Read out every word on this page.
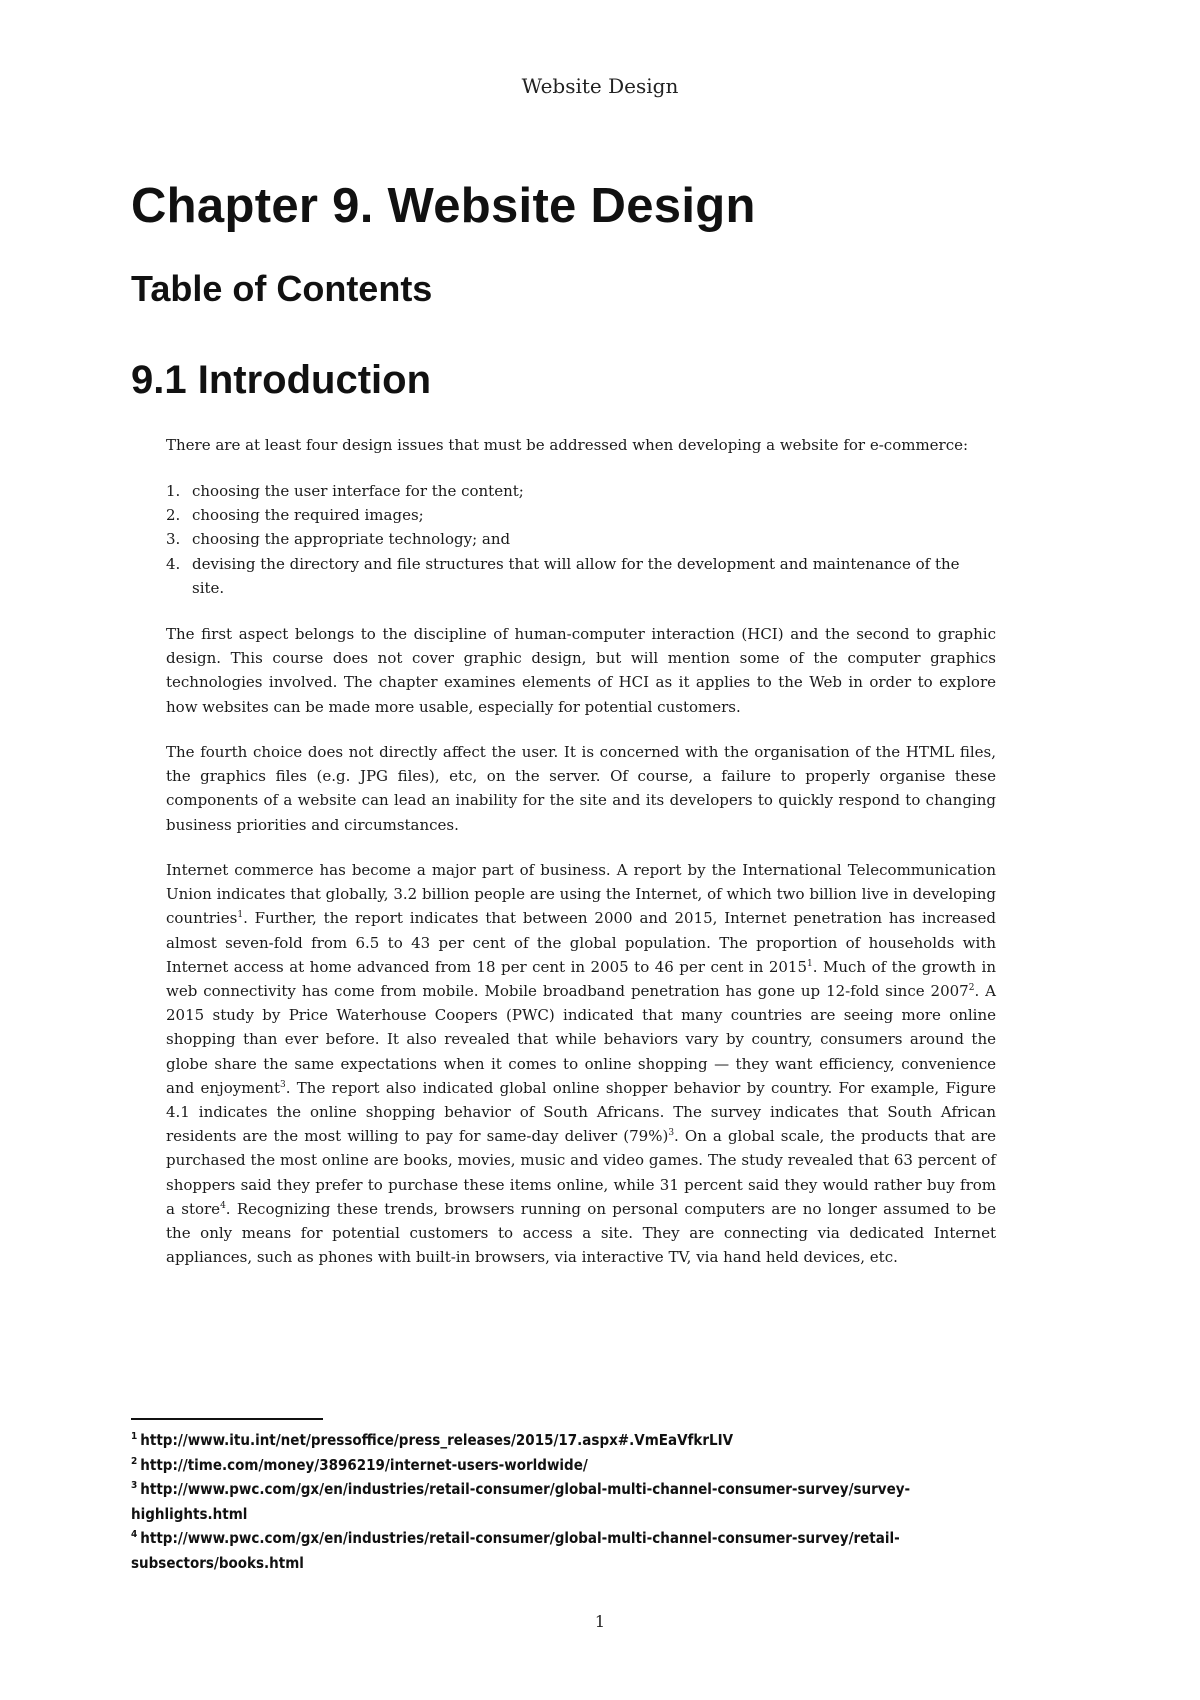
Website Design
Chapter 9. Website Design
Table of Contents
9.1 Introduction

There are at least four design issues that must be addressed when developing a website for e-commerce:

1. choosing the user interface for the content;
2. choosing the required images;
3. choosing the appropriate technology; and
4. devising the directory and file structures that will allow for the development and maintenance of the site.

The first aspect belongs to the discipline of human-computer interaction (HCI) and the second to graphic design. This course does not cover graphic design, but will mention some of the computer graphics technologies involved. The chapter examines elements of HCI as it applies to the Web in order to explore how websites can be made more usable, especially for potential customers.

The fourth choice does not directly affect the user. It is concerned with the organisation of the HTML files, the graphics files (e.g. JPG files), etc, on the server. Of course, a failure to properly organise these components of a website can lead an inability for the site and its developers to quickly respond to changing business priorities and circumstances.

Internet commerce has become a major part of business. A report by the International Telecommunication Union indicates that globally, 3.2 billion people are using the Internet, of which two billion live in developing countries$^1$. Further, the report indicates that between 2000 and 2015, Internet penetration has increased almost seven-fold from 6.5 to 43 per cent of the global population. The proportion of households with Internet access at home advanced from 18 per cent in 2005 to 46 per cent in 2015$^1$. Much of the growth in web connectivity has come from mobile. Mobile broadband penetration has gone up 12-fold since 2007$^2$. A 2015 study by Price Waterhouse Coopers (PWC) indicated that many countries are seeing more online shopping than ever before. It also revealed that while behaviors vary by country, consumers around the globe share the same expectations when it comes to online shopping — they want efficiency, convenience and enjoyment$^3$. The report also indicated global online shopper behavior by country. For example, Figure 4.1 indicates the online shopping behavior of South Africans. The survey indicates that South African residents are the most willing to pay for same-day deliver $(79\%)^3$. On a global scale, the products that are purchased the most online are books, movies, music and video games. The study revealed that 63 percent of shoppers said they prefer to purchase these items online, while 31 percent said they would rather buy from a store$^4$. Recognizing these trends, browsers running on personal computers are no longer assumed to be the only means for potential customers to access a site. They are connecting via dedicated Internet appliances, such as phones with built-in browsers, via interactive TV, via hand held devices, etc.

$^1$ http://www.itu.int/net/pressoffice/press_releases/2015/17.aspx#.VmEaVfkrLIV

$^2$ http://time.com/money/3896219/internet-users-worldwide/

$^3$ http://www.pwc.com/gx/en/industries/retail-consumer/global-multi-channel-consumer-survey/survey-highlights.html

$^4$ http://www.pwc.com/gx/en/industries/retail-consumer/global-multi-channel-consumer-survey/retail-subsectors/books.html

1
